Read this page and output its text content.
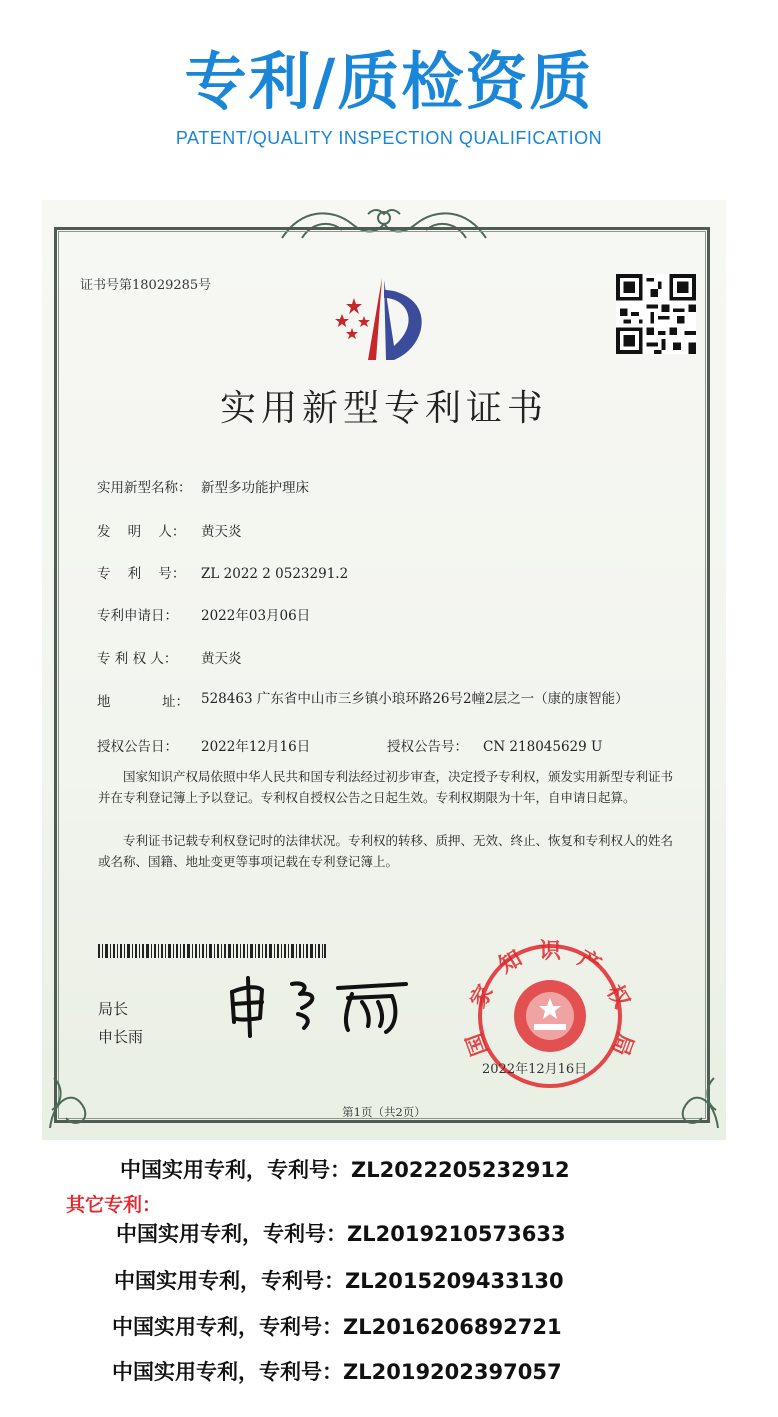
专利/质检资质
PATENT/QUALITY INSPECTION QUALIFICATION
证书号第18029285号
实用新型专利证书
实用新型名称： 新型多功能护理床
发    明    人： 黄天炎
专    利    号： ZL 2022 2 0523291.2
专利申请日： 2022年03月06日
专 利 权 人： 黄天炎
地            址： 528463 广东省中山市三乡镇小琅环路26号2幢2层之一（康的康智能）
授权公告日： 2022年12月16日	授权公告号： CN 218045629 U
国家知识产权局依照中华人民共和国专利法经过初步审查，决定授予专利权，颁发实用新型专利证书并在专利登记簿上予以登记。专利权自授权公告之日起生效。专利权期限为十年，自申请日起算。
专利证书记载专利权登记时的法律状况。专利权的转移、质押、无效、终止、恢复和专利权人的姓名或名称、国籍、地址变更等事项记载在专利登记簿上。
局长
申长雨
家
知 识 产
权
国	局
2022年12月16日
第1页（共2页）
中国实用专利，专利号：ZL2022205232912
其它专利：
中国实用专利，专利号：ZL2019210573633
中国实用专利，专利号：ZL2015209433130
中国实用专利，专利号：ZL2016206892721
中国实用专利，专利号：ZL2019202397057
